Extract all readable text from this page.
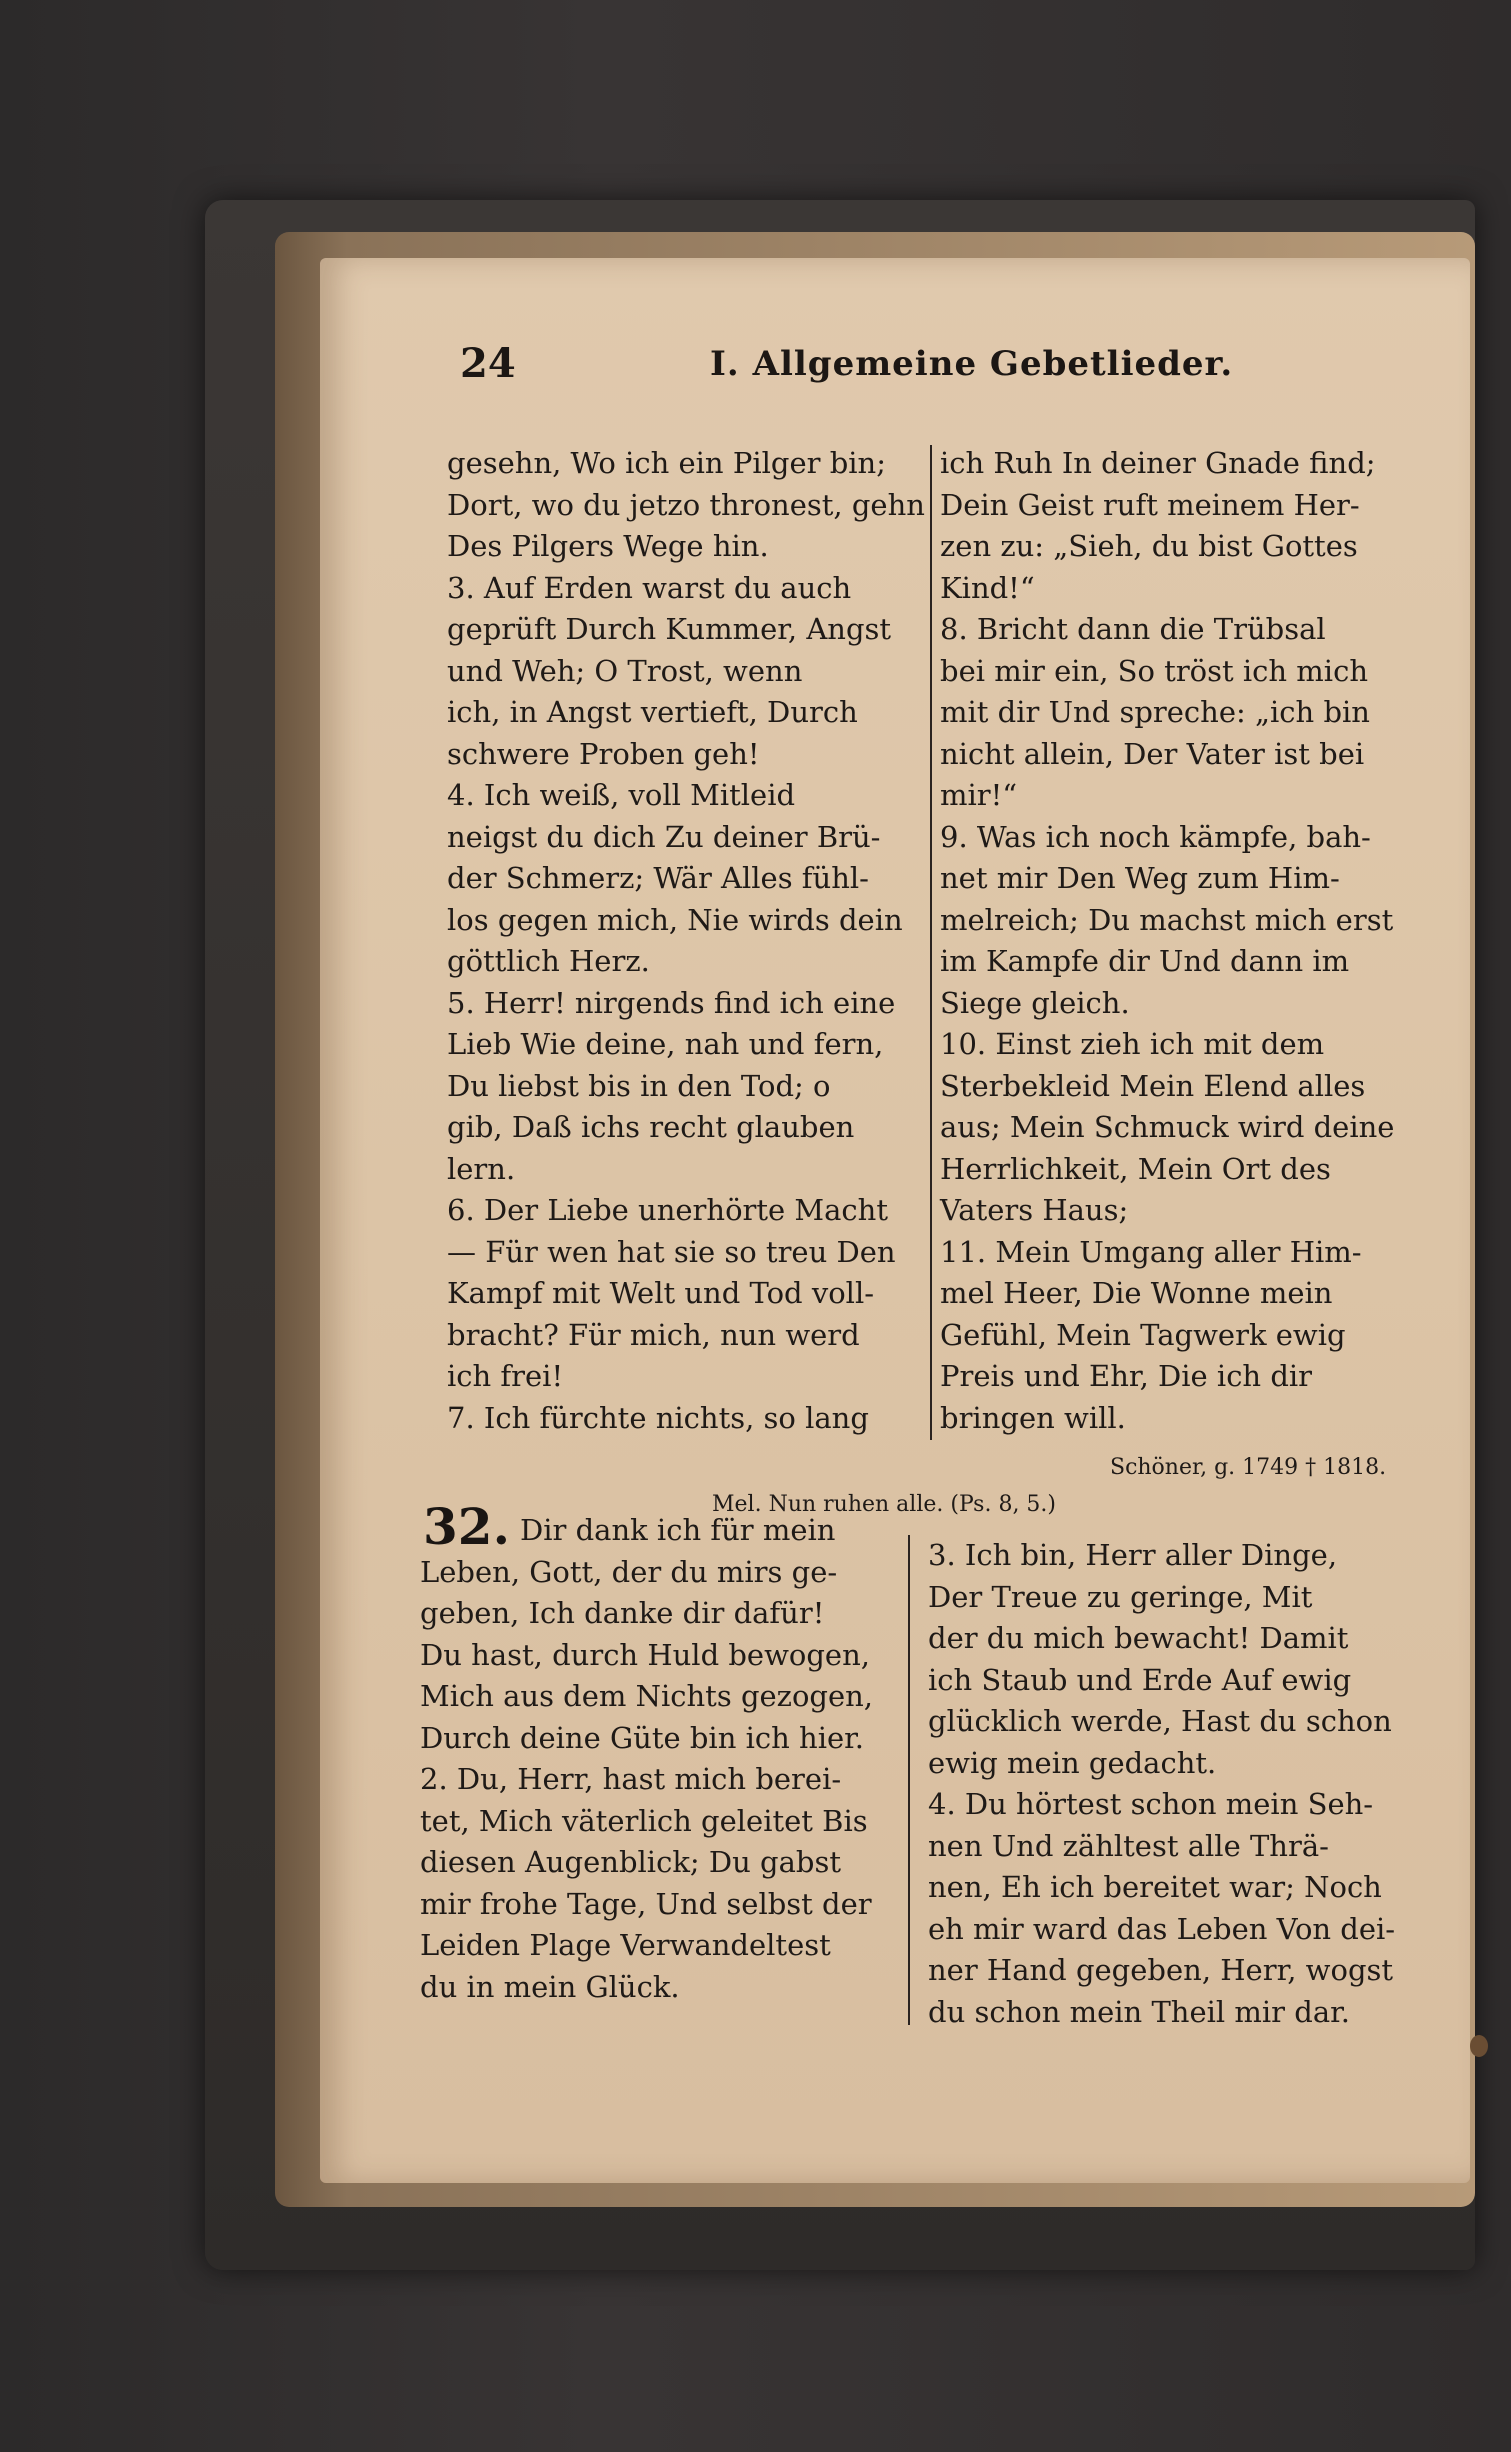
24	I. Allgemeine Gebetlieder.

gesehn, Wo ich ein Pilger bin;

Dort, wo du jetzo thronest, gehn

Des Pilgers Wege hin.

3. Auf Erden warst du auch

geprüft Durch Kummer, Angst

und Weh; O Trost, wenn

ich, in Angst vertieft, Durch

schwere Proben geh!

4. Ich weiß, voll Mitleid

neigst du dich Zu deiner Brü-

der Schmerz; Wär Alles fühl-

los gegen mich, Nie wirds dein

göttlich Herz.

5. Herr! nirgends find ich eine

Lieb Wie deine, nah und fern,

Du liebst bis in den Tod; o

gib, Daß ichs recht glauben

lern.

6. Der Liebe unerhörte Macht

— Für wen hat sie so treu Den

Kampf mit Welt und Tod voll-

bracht? Für mich, nun werd

ich frei!

7. Ich fürchte nichts, so lang

ich Ruh In deiner Gnade find;

Dein Geist ruft meinem Her-

zen zu: „Sieh, du bist Gottes

Kind!“

8. Bricht dann die Trübsal

bei mir ein, So tröst ich mich

mit dir Und spreche: „ich bin

nicht allein, Der Vater ist bei

mir!“

9. Was ich noch kämpfe, bah-

net mir Den Weg zum Him-

melreich; Du machst mich erst

im Kampfe dir Und dann im

Siege gleich.

10. Einst zieh ich mit dem

Sterbekleid Mein Elend alles

aus; Mein Schmuck wird deine

Herrlichkeit, Mein Ort des

Vaters Haus;

11. Mein Umgang aller Him-

mel Heer, Die Wonne mein

Gefühl, Mein Tagwerk ewig

Preis und Ehr, Die ich dir

bringen will.

Schöner, g. 1749 † 1818.
Mel. Nun ruhen alle. (Ps. 8, 5.)
32. Dir dank ich für mein

Leben, Gott, der du mirs ge-

geben, Ich danke dir dafür!

Du hast, durch Huld bewogen,

Mich aus dem Nichts gezogen,

Durch deine Güte bin ich hier.

2. Du, Herr, hast mich berei-

tet, Mich väterlich geleitet Bis

diesen Augenblick; Du gabst

mir frohe Tage, Und selbst der

Leiden Plage Verwandeltest

du in mein Glück.

3. Ich bin, Herr aller Dinge,

Der Treue zu geringe, Mit

der du mich bewacht! Damit

ich Staub und Erde Auf ewig

glücklich werde, Hast du schon

ewig mein gedacht.

4. Du hörtest schon mein Seh-

nen Und zähltest alle Thrä-

nen, Eh ich bereitet war; Noch

eh mir ward das Leben Von dei-

ner Hand gegeben, Herr, wogst

du schon mein Theil mir dar.
